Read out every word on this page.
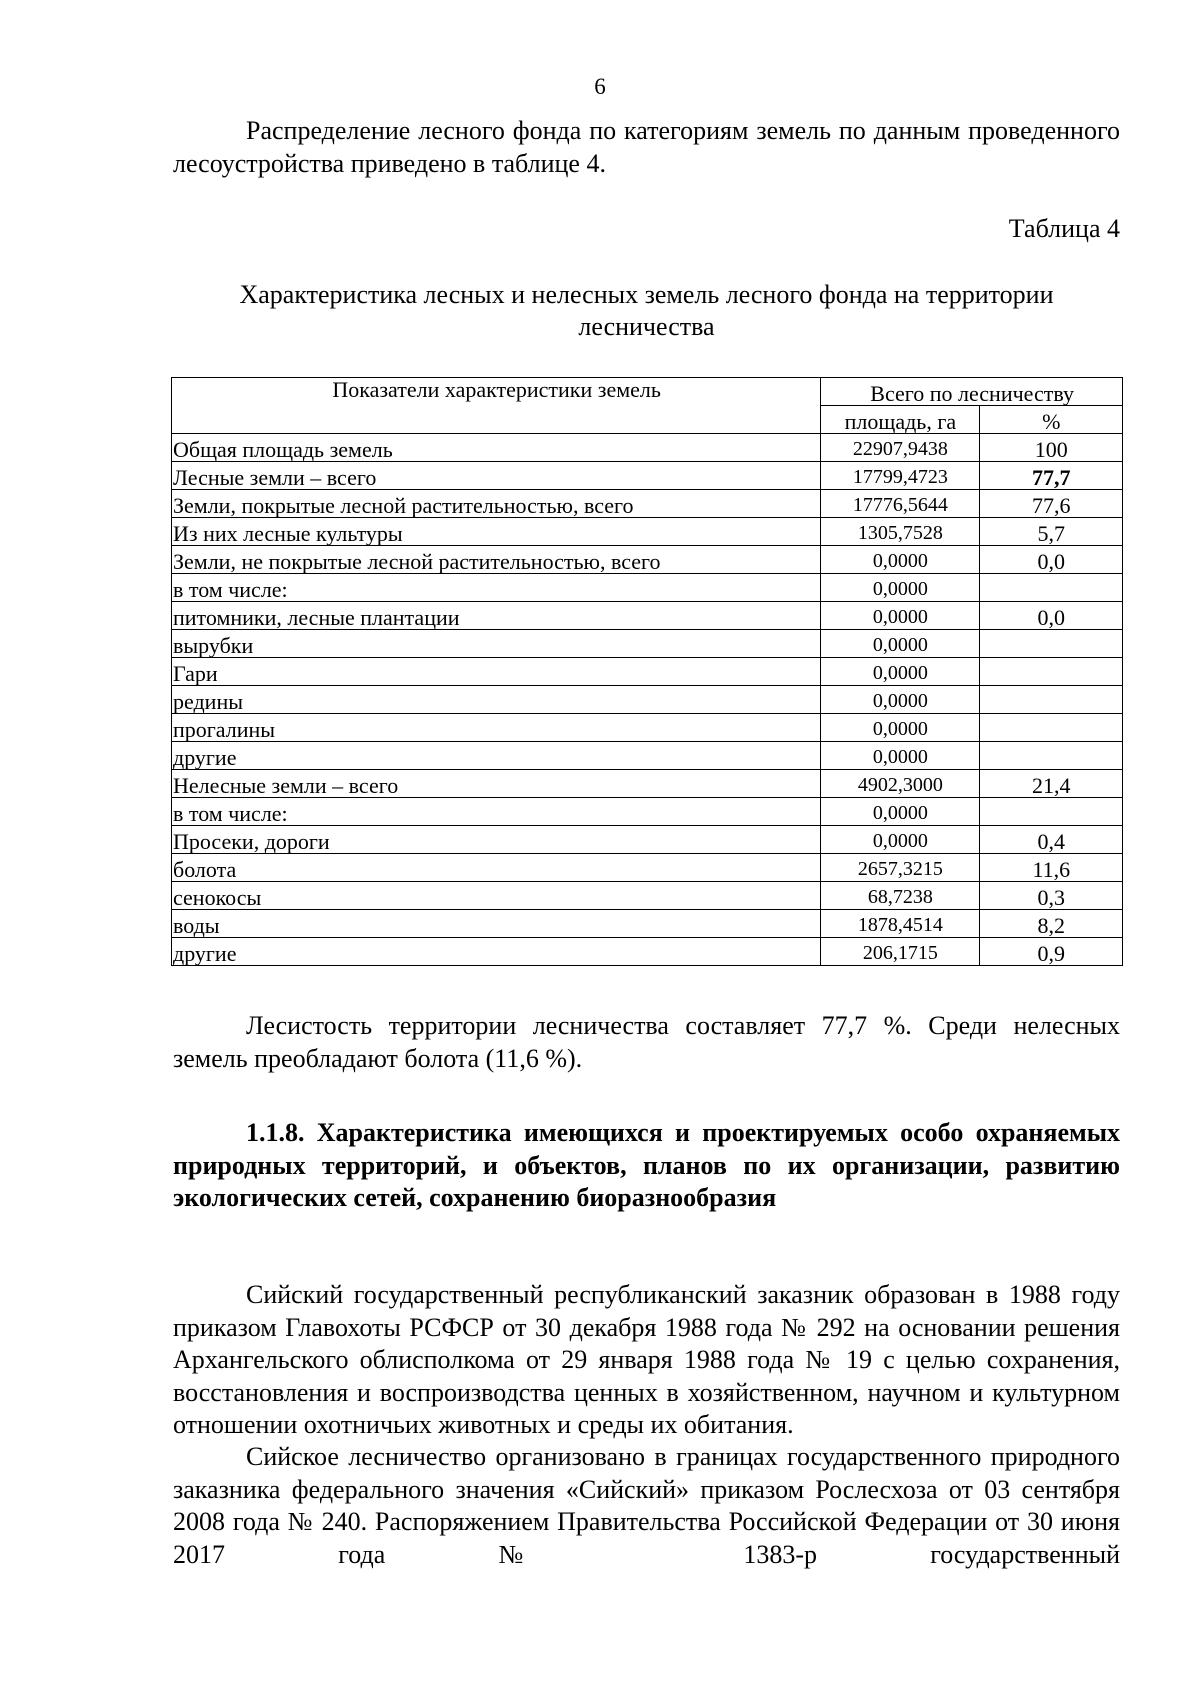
6

Распределение лесного фонда по категориям земель по данным проведенного лесоустройства приведено в таблице 4.

Таблица 4
Характеристика лесных и нелесных земель лесного фонда на территории
лесничества
Показатели характеристики земель	Всего по лесничеству	
	площадь, га	%
Общая площадь земель	22907,9438	100
Лесные земли – всего	17799,4723	77,7
Земли, покрытые лесной растительностью, всего	17776,5644	77,6
Из них лесные культуры	1305,7528	5,7
Земли, не покрытые лесной растительностью, всего	0,0000	0,0
в том числе:	0,0000	
питомники, лесные плантации	0,0000	0,0
вырубки	0,0000	
Гари	0,0000	
редины	0,0000	
прогалины	0,0000	
другие	0,0000	
Нелесные земли – всего	4902,3000	21,4
в том числе:	0,0000	
Просеки, дороги	0,0000	0,4
болота	2657,3215	11,6
сенокосы	68,7238	0,3
воды	1878,4514	8,2
другие	206,1715	0,9

Лесистость территории лесничества составляет 77,7 %. Среди нелесных земель преобладают болота (11,6 %).

1.1.8. Характеристика имеющихся и проектируемых особо охраняемых природных территорий, и объектов, планов по их организации, развитию экологических сетей, сохранению биоразнообразия

Сийский государственный республиканский заказник образован в 1988 году приказом Главохоты РСФСР от 30 декабря 1988 года № 292 на основании решения Архангельского облисполкома от 29 января 1988 года № 19 с целью сохранения, восстановления и воспроизводства ценных в хозяйственном, научном и культурном отношении охотничьих животных и среды их обитания.

Сийское лесничество организовано в границах государственного природного заказника федерального значения «Сийский» приказом Рослесхоза от 03 сентября 2008 года № 240. Распоряжением Правительства Российской Федерации от 30 июня 2017 года № 1383-р государственный
